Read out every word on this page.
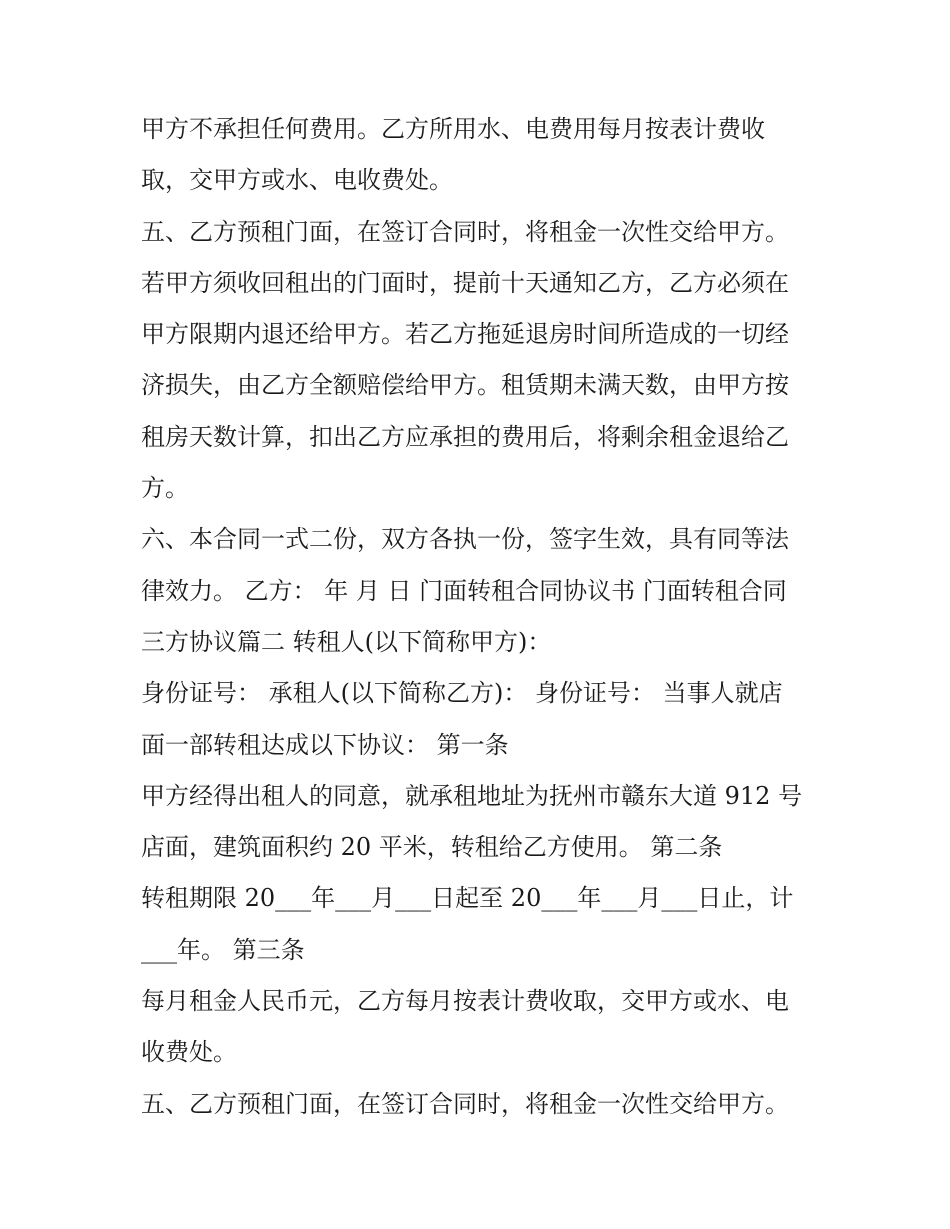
甲方不承担任何费用。乙方所用水、电费用每月按表计费收
取，交甲方或水、电收费处。
五、乙方预租门面，在签订合同时，将租金一次性交给甲方。
若甲方须收回租出的门面时，提前十天通知乙方，乙方必须在
甲方限期内退还给甲方。若乙方拖延退房时间所造成的一切经
济损失，由乙方全额赔偿给甲方。租赁期未满天数，由甲方按
租房天数计算，扣出乙方应承担的费用后，将剩余租金退给乙
方。
六、本合同一式二份，双方各执一份，签字生效，具有同等法
律效力。 乙方： 年 月 日 门面转租合同协议书 门面转租合同
三方协议篇二 转租人(以下简称甲方)：
身份证号： 承租人(以下简称乙方)： 身份证号： 当事人就店
面一部转租达成以下协议： 第一条
甲方经得出租人的同意，就承租地址为抚州市赣东大道 912 号
店面，建筑面积约 20 平米，转租给乙方使用。 第二条
转租期限 20___年___月___日起至 20___年___月___日止，计
___年。 第三条
每月租金人民币元，乙方每月按表计费收取，交甲方或水、电
收费处。
五、乙方预租门面，在签订合同时，将租金一次性交给甲方。
